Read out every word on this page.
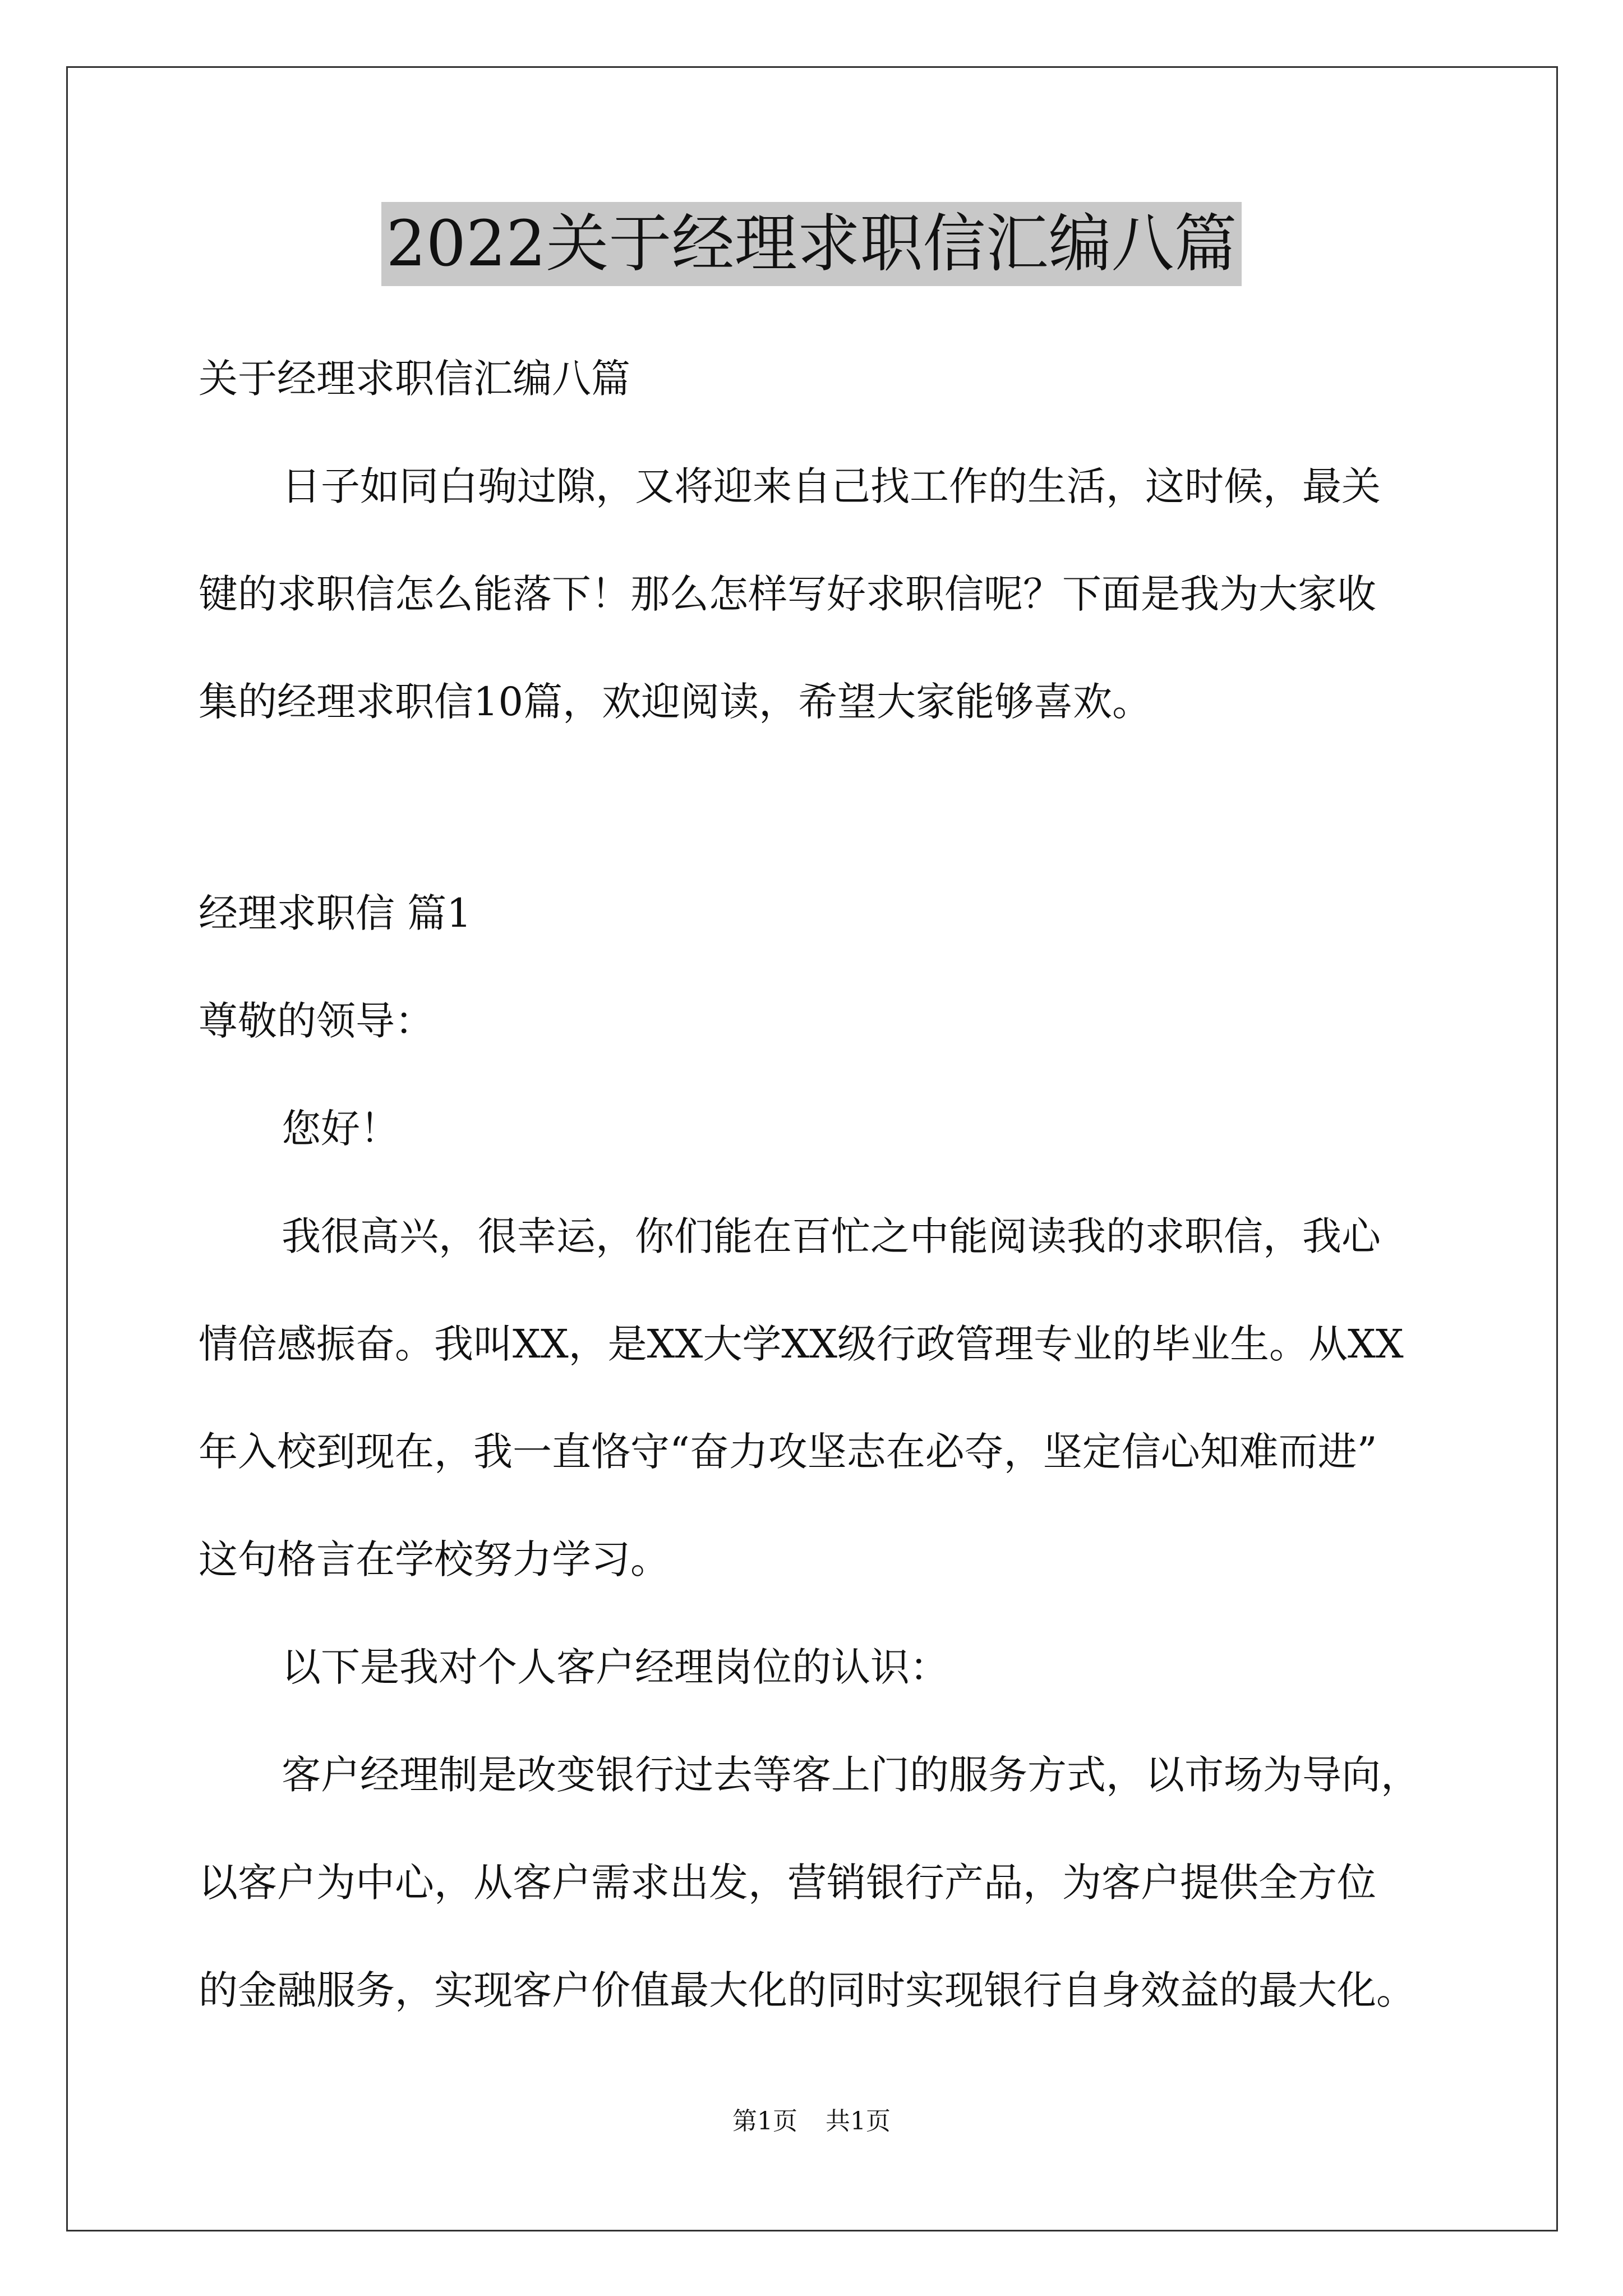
2022关于经理求职信汇编八篇
关于经理求职信汇编八篇
日子如同白驹过隙，又将迎来自己找工作的生活，这时候，最关
键的求职信怎么能落下！那么怎样写好求职信呢？下面是我为大家收
集的经理求职信10篇，欢迎阅读，希望大家能够喜欢。
经理求职信 篇1
尊敬的领导：
您好！
我很高兴，很幸运，你们能在百忙之中能阅读我的求职信，我心
情倍感振奋。我叫XX，是XX大学XX级行政管理专业的毕业生。从XX
年入校到现在，我一直恪守“奋力攻坚志在必夺，坚定信心知难而进”
这句格言在学校努力学习。
以下是我对个人客户经理岗位的认识：
客户经理制是改变银行过去等客上门的服务方式，以市场为导向，
以客户为中心，从客户需求出发，营销银行产品，为客户提供全方位
的金融服务，实现客户价值最大化的同时实现银行自身效益的最大化。
第1页 共1页
